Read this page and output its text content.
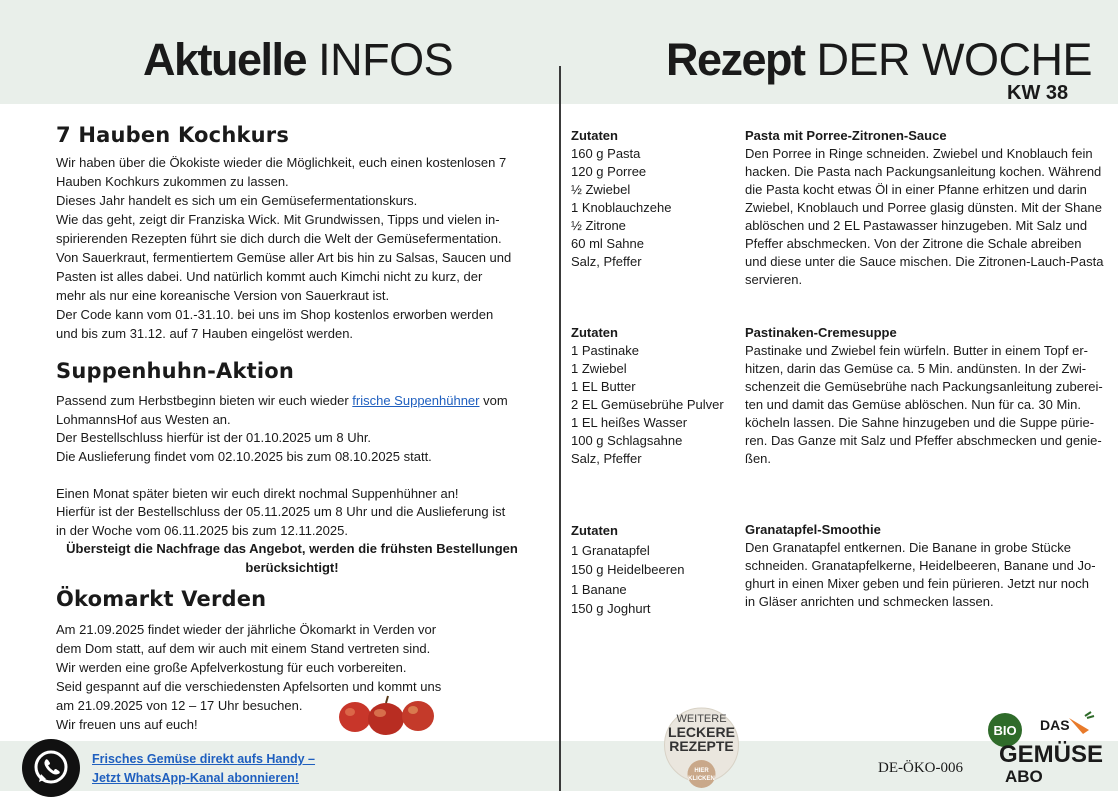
Aktuelle INFOS	Rezept DER WOCHE
KW 38
7 Hauben Kochkurs

Wir haben über die Ökokiste wieder die Möglichkeit, euch einen kostenlosen 7

Hauben Kochkurs zukommen zu lassen.

Dieses Jahr handelt es sich um ein Gemüsefermentationskurs.

Wie das geht, zeigt dir Franziska Wick. Mit Grundwissen, Tipps und vielen in-

spirierenden Rezepten führt sie dich durch die Welt der Gemüsefermentation.

Von Sauerkraut, fermentiertem Gemüse aller Art bis hin zu Salsas, Saucen und

Pasten ist alles dabei. Und natürlich kommt auch Kimchi nicht zu kurz, der

mehr als nur eine koreanische Version von Sauerkraut ist.

Der Code kann vom 01.-31.10. bei uns im Shop kostenlos erworben werden

und bis zum 31.12. auf 7 Hauben eingelöst werden.

Suppenhuhn-Aktion

Passend zum Herbstbeginn bieten wir euch wieder frische Suppenhühner vom

LohmannsHof aus Westen an.

Der Bestellschluss hierfür ist der 01.10.2025 um 8 Uhr.

Die Auslieferung findet vom 02.10.2025 bis zum 08.10.2025 statt.

Einen Monat später bieten wir euch direkt nochmal Suppenhühner an!

Hierfür ist der Bestellschluss der 05.11.2025 um 8 Uhr und die Auslieferung ist

in der Woche vom 06.11.2025 bis zum 12.11.2025.

Übersteigt die Nachfrage das Angebot, werden die frühsten Bestellungen

berücksichtigt!

Ökomarkt Verden

Am 21.09.2025 findet wieder der jährliche Ökomarkt in Verden vor

dem Dom statt, auf dem wir auch mit einem Stand vertreten sind.

Wir werden eine große Apfelverkostung für euch vorbereiten.

Seid gespannt auf die verschiedensten Apfelsorten und kommt uns

am 21.09.2025 von 12 – 17 Uhr besuchen.

Wir freuen uns auf euch!

Zutaten
160 g Pasta
120 g Porree
½ Zwiebel
1 Knoblauchzehe
½ Zitrone
60 ml Sahne
Salz, Pfeffer
Pasta mit Porree-Zitronen-Sauce
Den Porree in Ringe schneiden. Zwiebel und Knoblauch fein
hacken. Die Pasta nach Packungsanleitung kochen. Während
die Pasta kocht etwas Öl in einer Pfanne erhitzen und darin
Zwiebel, Knoblauch und Porree glasig dünsten. Mit der Shane
ablöschen und 2 EL Pastawasser hinzugeben. Mit Salz und
Pfeffer abschmecken. Von der Zitrone die Schale abreiben
und diese unter die Sauce mischen. Die Zitronen-Lauch-Pasta
servieren.
Zutaten
1 Pastinake
1 Zwiebel
1 EL Butter
2 EL Gemüsebrühe Pulver
1 EL heißes Wasser
100 g Schlagsahne
Salz, Pfeffer
Pastinaken-Cremesuppe
Pastinake und Zwiebel fein würfeln. Butter in einem Topf er-
hitzen, darin das Gemüse ca. 5 Min. andünsten. In der Zwi-
schenzeit die Gemüsebrühe nach Packungsanleitung zuberei-
ten und damit das Gemüse ablöschen. Nun für ca. 30 Min.
köcheln lassen. Die Sahne hinzugeben und die Suppe pürie-
ren. Das Ganze mit Salz und Pfeffer abschmecken und genie-
ßen.
Zutaten
1 Granatapfel
150 g Heidelbeeren
1 Banane
150 g Joghurt
Granatapfel-Smoothie
Den Granatapfel entkernen. Die Banane in grobe Stücke
schneiden. Granatapfelkerne, Heidelbeeren, Banane und Jo-
ghurt in einen Mixer geben und fein pürieren. Jetzt nur noch
in Gläser anrichten und schmecken lassen.
Frisches Gemüse direkt aufs Handy –
Jetzt WhatsApp-Kanal abonnieren!
WEITERE
LECKERE
REZEPTE
HIER
KLICKEN
DE-ÖKO-006
BIO DAS
GEMÜSE
ABO
